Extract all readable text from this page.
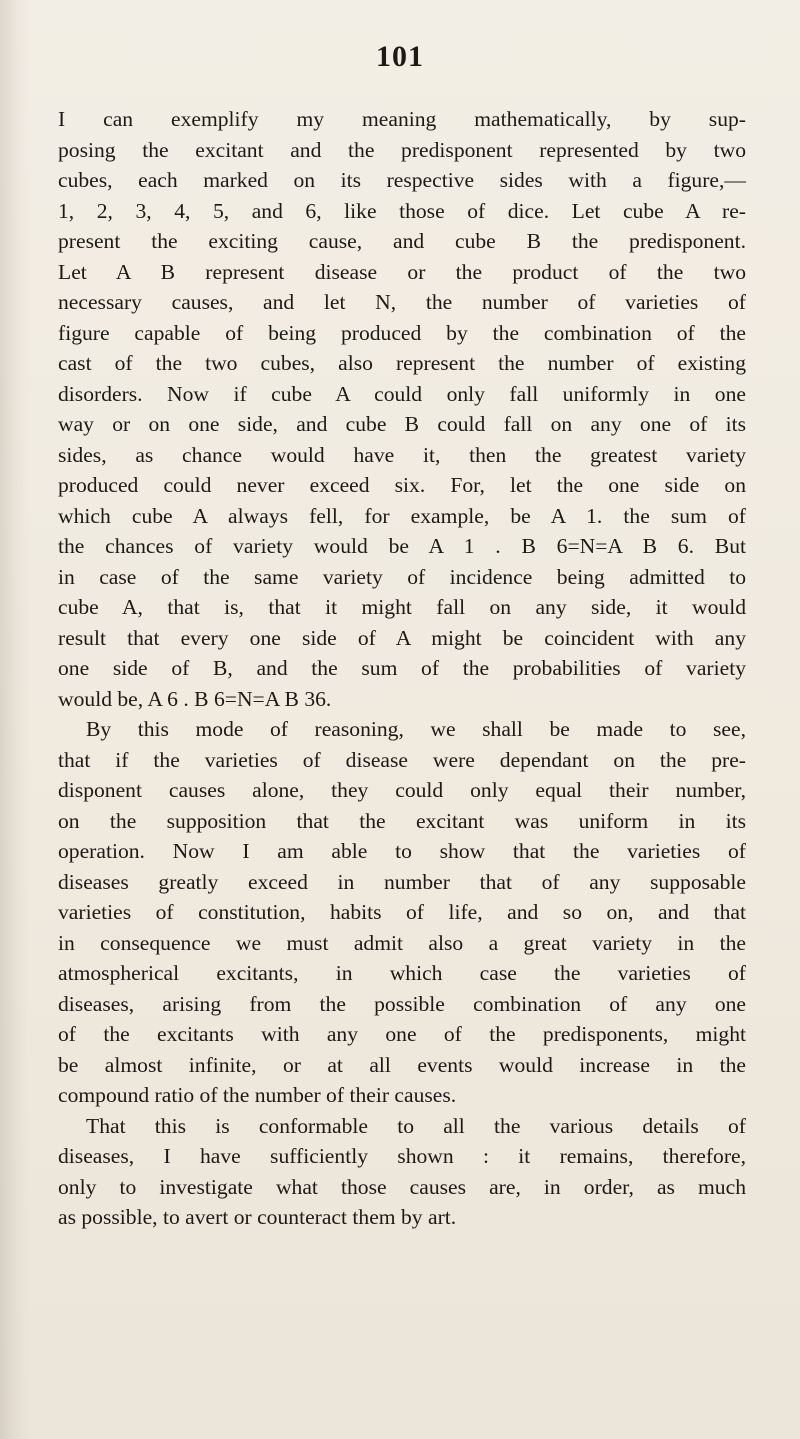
101

I can exemplify my meaning mathematically, by sup-
posing the excitant and the predisponent represented by two
cubes, each marked on its respective sides with a figure,—
1, 2, 3, 4, 5, and 6, like those of dice. Let cube A re-
present the exciting cause, and cube B the predisponent.
Let A B represent disease or the product of the two
necessary causes, and let N, the number of varieties of
figure capable of being produced by the combination of the
cast of the two cubes, also represent the number of existing
disorders. Now if cube A could only fall uniformly in one
way or on one side, and cube B could fall on any one of its
sides, as chance would have it, then the greatest variety
produced could never exceed six. For, let the one side on
which cube A always fell, for example, be A 1. the sum of
the chances of variety would be A 1 . B 6=N=A B 6. But
in case of the same variety of incidence being admitted to
cube A, that is, that it might fall on any side, it would
result that every one side of A might be coincident with any
one side of B, and the sum of the probabilities of variety
would be, A 6 . B 6=N=A B 36.

By this mode of reasoning, we shall be made to see,
that if the varieties of disease were dependant on the pre-
disponent causes alone, they could only equal their number,
on the supposition that the excitant was uniform in its
operation. Now I am able to show that the varieties of
diseases greatly exceed in number that of any supposable
varieties of constitution, habits of life, and so on, and that
in consequence we must admit also a great variety in the
atmospherical excitants, in which case the varieties of
diseases, arising from the possible combination of any one
of the excitants with any one of the predisponents, might
be almost infinite, or at all events would increase in the
compound ratio of the number of their causes.

That this is conformable to all the various details of
diseases, I have sufficiently shown : it remains, therefore,
only to investigate what those causes are, in order, as much
as possible, to avert or counteract them by art.
